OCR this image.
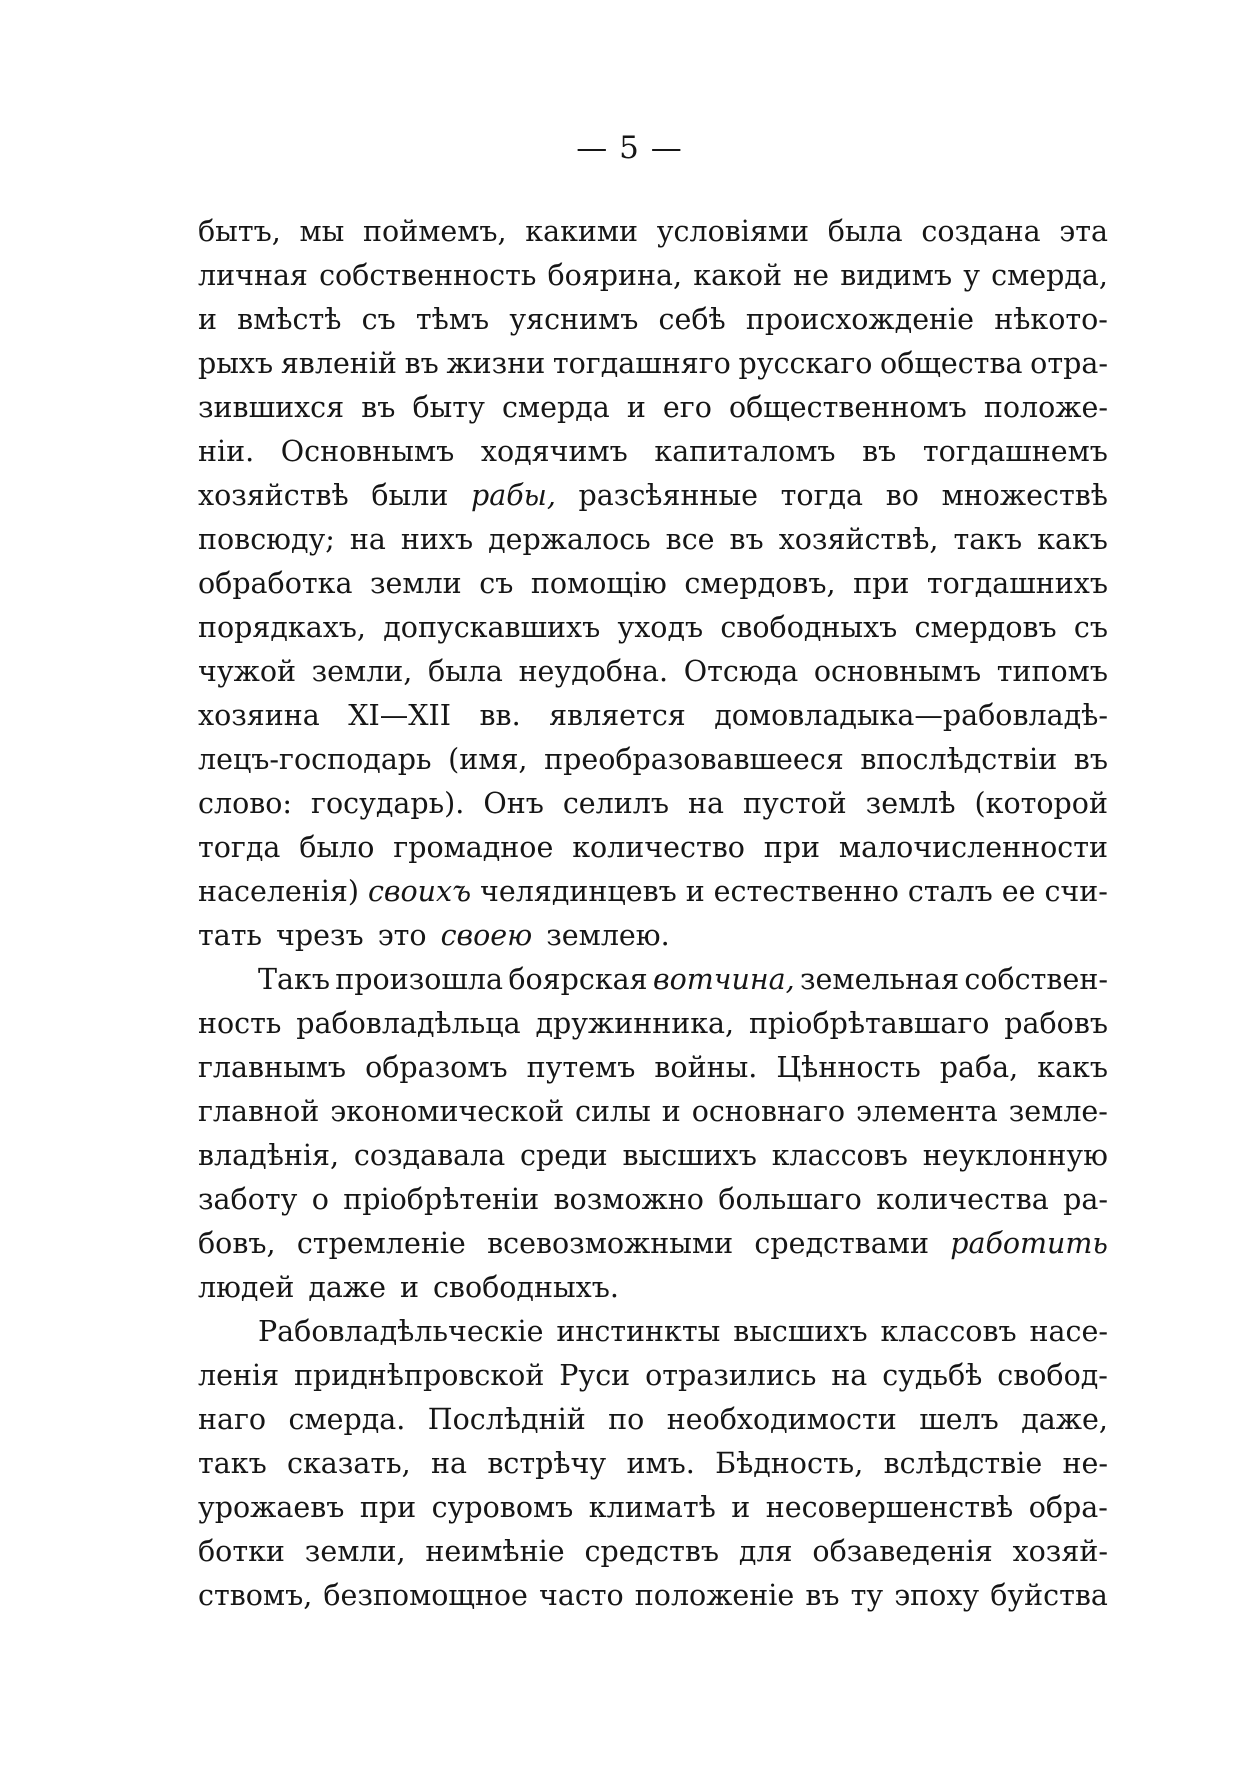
— 5 —
бытъ, мы поймемъ, какими условіями была создана эта
личная собственность боярина, какой не видимъ у смерда,
и вмѣстѣ съ тѣмъ уяснимъ себѣ происхожденіе нѣкото-
рыхъ явленій въ жизни тогдашняго русскаго общества отра-
зившихся въ быту смерда и его общественномъ положе-
ніи. Основнымъ ходячимъ капиталомъ въ тогдашнемъ
хозяйствѣ были рабы, разсѣянные тогда во множествѣ
повсюду; на нихъ держалось все въ хозяйствѣ, такъ какъ
обработка земли съ помощію смердовъ, при тогдашнихъ
порядкахъ, допускавшихъ уходъ свободныхъ смердовъ съ
чужой земли, была неудобна. Отсюда основнымъ типомъ
хозяина XI—XII вв. является домовладыка—рабовладѣ-
лецъ-господарь (имя, преобразовавшееся впослѣдствіи въ
слово: государь). Онъ селилъ на пустой землѣ (которой
тогда было громадное количество при малочисленности
населенія) своихъ челядинцевъ и естественно сталъ ее счи-
тать чрезъ это своею землею.
Такъ произошла боярская вотчина, земельная собствен-
ность рабовладѣльца дружинника, пріобрѣтавшаго рабовъ
главнымъ образомъ путемъ войны. Цѣнность раба, какъ
главной экономической силы и основнаго элемента земле-
владѣнія, создавала среди высшихъ классовъ неуклонную
заботу о пріобрѣтеніи возможно большаго количества ра-
бовъ, стремленіе всевозможными средствами работить
людей даже и свободныхъ.
Рабовладѣльческіе инстинкты высшихъ классовъ насе-
ленія приднѣпровской Руси отразились на судьбѣ свобод-
наго смерда. Послѣдній по необходимости шелъ даже,
такъ сказать, на встрѣчу имъ. Бѣдность, вслѣдствіе не-
урожаевъ при суровомъ климатѣ и несовершенствѣ обра-
ботки земли, неимѣніе средствъ для обзаведенія хозяй-
ствомъ, безпомощное часто положеніе въ ту эпоху буйства
